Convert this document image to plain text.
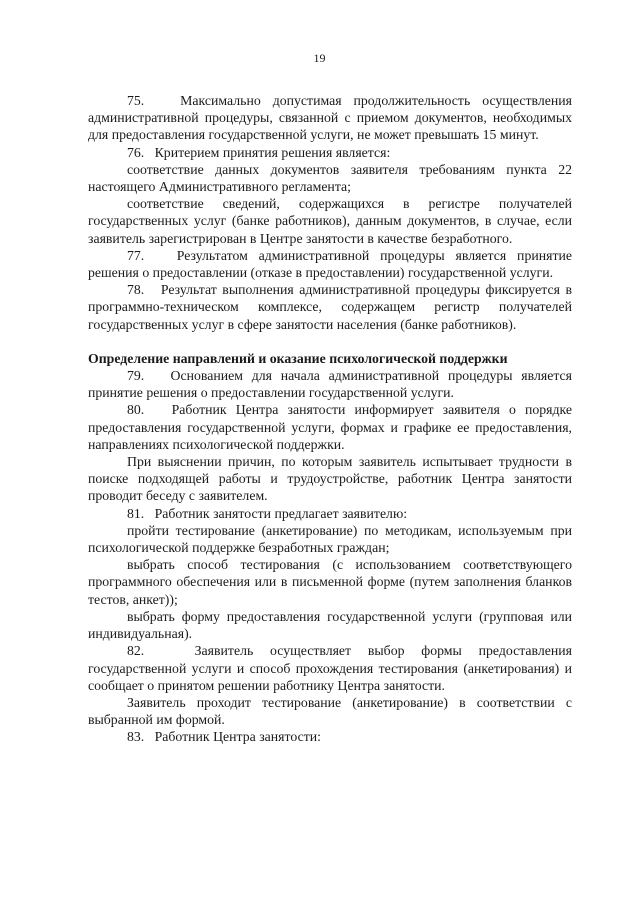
19

75.   Максимально допустимая продолжительность осуществления административной процедуры, связанной с приемом документов, необходимых для предоставления государственной услуги, не может превышать 15 минут.

76.   Критерием принятия решения является:

соответствие данных документов заявителя требованиям пункта 22 настоящего Административного регламента;

соответствие сведений, содержащихся в регистре получателей государственных услуг (банке работников), данным документов, в случае, если заявитель зарегистрирован в Центре занятости в качестве безработного.

77.   Результатом административной процедуры является принятие решения о предоставлении (отказе в предоставлении) государственной услуги.

78.   Результат выполнения административной процедуры фиксируется в программно-техническом комплексе, содержащем регистр получателей государственных услуг в сфере занятости населения (банке работников).

Определение направлений и оказание психологической поддержки

79.   Основанием для начала административной процедуры является принятие решения о предоставлении государственной услуги.

80.   Работник Центра занятости информирует заявителя о порядке предоставления государственной услуги, формах и графике ее предоставления, направлениях психологической поддержки.

При выяснении причин, по которым заявитель испытывает трудности в поиске подходящей работы и трудоустройстве, работник Центра занятости проводит беседу с заявителем.

81.   Работник занятости предлагает заявителю:

пройти тестирование (анкетирование) по методикам, используемым при психологической поддержке безработных граждан;

выбрать способ тестирования (с использованием соответствующего программного обеспечения или в письменной форме (путем заполнения бланков тестов, анкет));

выбрать форму предоставления государственной услуги (групповая или индивидуальная).

82.   Заявитель осуществляет выбор формы предоставления государственной услуги и способ прохождения тестирования (анкетирования) и сообщает о принятом решении работнику Центра занятости.

Заявитель проходит тестирование (анкетирование) в соответствии с выбранной им формой.

83.   Работник Центра занятости:
